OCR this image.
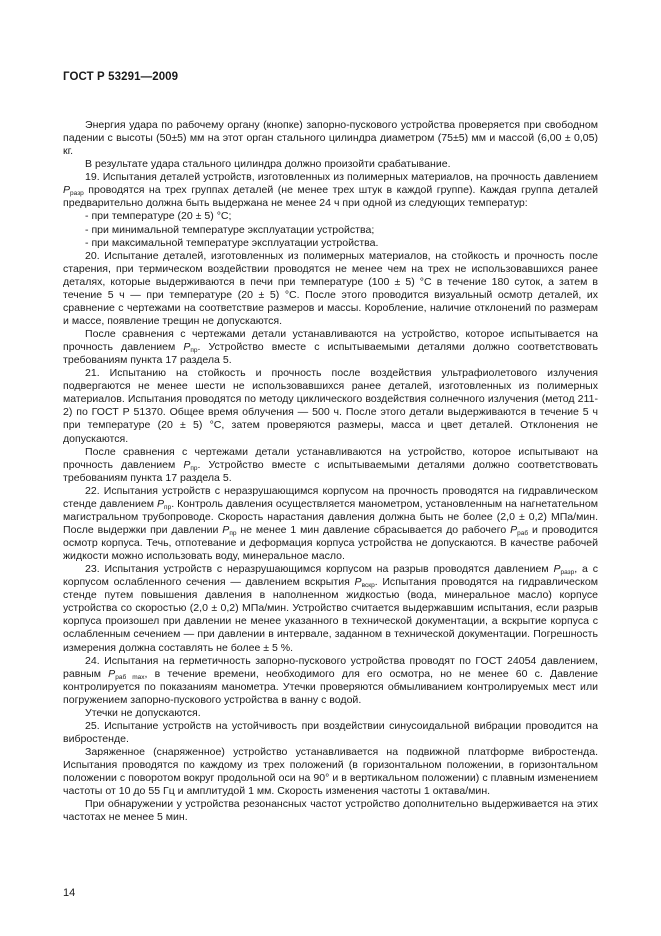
ГОСТ Р 53291—2009

Энергия удара по рабочему органу (кнопке) запорно-пускового устройства проверяется при свободном падении с высоты (50±5) мм на этот орган стального цилиндра диаметром (75±5) мм и массой (6,00 ± 0,05) кг.

В результате удара стального цилиндра должно произойти срабатывание.

19. Испытания деталей устройств, изготовленных из полимерных материалов, на прочность давлением $P_{разр}$ проводятся на трех группах деталей (не менее трех штук в каждой группе). Каждая группа деталей предварительно должна быть выдержана не менее 24 ч при одной из следующих температур:

- при температуре (20 ± 5) °С;

- при минимальной температуре эксплуатации устройства;

- при максимальной температуре эксплуатации устройства.

20. Испытание деталей, изготовленных из полимерных материалов, на стойкость и прочность после старения, при термическом воздействии проводятся не менее чем на трех не использовавшихся ранее деталях, которые выдерживаются в печи при температуре (100 ± 5) °С в течение 180 суток, а затем в течение 5 ч — при температуре (20 ± 5) °С. После этого проводится визуальный осмотр деталей, их сравнение с чертежами на соответствие размеров и массы. Коробление, наличие отклонений по размерам и массе, появление трещин не допускаются.

После сравнения с чертежами детали устанавливаются на устройство, которое испытывается на прочность давлением $P_{пр}$. Устройство вместе с испытываемыми деталями должно соответствовать требованиям пункта 17 раздела 5.

21. Испытанию на стойкость и прочность после воздействия ультрафиолетового излучения подвергаются не менее шести не использовавшихся ранее деталей, изготовленных из полимерных материалов. Испытания проводятся по методу циклического воздействия солнечного излучения (метод 211-2) по ГОСТ Р 51370. Общее время облучения — 500 ч. После этого детали выдерживаются в течение 5 ч при температуре (20 ± 5) °С, затем проверяются размеры, масса и цвет деталей. Отклонения не допускаются.

После сравнения с чертежами детали устанавливаются на устройство, которое испытывают на прочность давлением $P_{пр}$. Устройство вместе с испытываемыми деталями должно соответствовать требованиям пункта 17 раздела 5.

22. Испытания устройств с неразрушающимся корпусом на прочность проводятся на гидравлическом стенде давлением $P_{пр}$. Контроль давления осуществляется манометром, установленным на нагнетательном магистральном трубопроводе. Скорость нарастания давления должна быть не более (2,0 ± 0,2) МПа/мин. После выдержки при давлении $P_{пр}$ не менее 1 мин давление сбрасывается до рабочего $P_{раб}$ и проводится осмотр корпуса. Течь, отпотевание и деформация корпуса устройства не допускаются. В качестве рабочей жидкости можно использовать воду, минеральное масло.

23. Испытания устройств с неразрушающимся корпусом на разрыв проводятся давлением $P_{разр}$, а с корпусом ослабленного сечения — давлением вскрытия $P_{вскр}$. Испытания проводятся на гидравлическом стенде путем повышения давления в наполненном жидкостью (вода, минеральное масло) корпусе устройства со скоростью (2,0 ± 0,2) МПа/мин. Устройство считается выдержавшим испытания, если разрыв корпуса произошел при давлении не менее указанного в технической документации, а вскрытие корпуса с ослабленным сечением — при давлении в интервале, заданном в технической документации. Погрешность измерения должна составлять не более ± 5 %.

24. Испытания на герметичность запорно-пускового устройства проводят по ГОСТ 24054 давлением, равным $P_{раб max}$, в течение времени, необходимого для его осмотра, но не менее 60 с. Давление контролируется по показаниям манометра. Утечки проверяются обмыливанием контролируемых мест или погружением запорно-пускового устройства в ванну с водой.

Утечки не допускаются.

25. Испытание устройств на устойчивость при воздействии синусоидальной вибрации проводится на вибростенде.

Заряженное (снаряженное) устройство устанавливается на подвижной платформе вибростенда. Испытания проводятся по каждому из трех положений (в горизонтальном положении, в горизонтальном положении с поворотом вокруг продольной оси на 90° и в вертикальном положении) с плавным изменением частоты от 10 до 55 Гц и амплитудой 1 мм. Скорость изменения частоты 1 октава/мин.

При обнаружении у устройства резонансных частот устройство дополнительно выдерживается на этих частотах не менее 5 мин.

14
